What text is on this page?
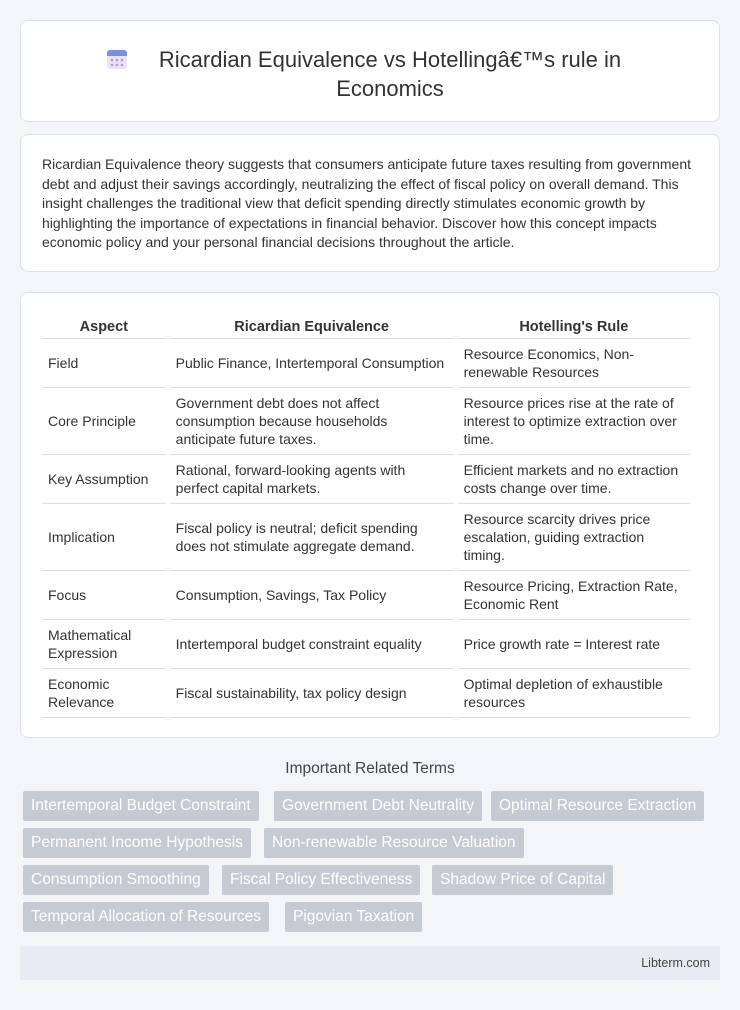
Ricardian Equivalence vs Hotellingâ€™s rule in Economics

Ricardian Equivalence theory suggests that consumers anticipate future taxes resulting from government debt and adjust their savings accordingly, neutralizing the effect of fiscal policy on overall demand. This insight challenges the traditional view that deficit spending directly stimulates economic growth by highlighting the importance of expectations in financial behavior. Discover how this concept impacts economic policy and your personal financial decisions throughout the article.

Aspect	Ricardian Equivalence	Hotelling's Rule
Field	Public Finance, Intertemporal Consumption	Resource Economics, Non-renewable Resources
Core Principle	Government debt does not affect consumption because households anticipate future taxes.	Resource prices rise at the rate of interest to optimize extraction over time.
Key Assumption	Rational, forward-looking agents with perfect capital markets.	Efficient markets and no extraction costs change over time.
Implication	Fiscal policy is neutral; deficit spending does not stimulate aggregate demand.	Resource scarcity drives price escalation, guiding extraction timing.
Focus	Consumption, Savings, Tax Policy	Resource Pricing, Extraction Rate, Economic Rent
Mathematical Expression	Intertemporal budget constraint equality	Price growth rate = Interest rate
Economic Relevance	Fiscal sustainability, tax policy design	Optimal depletion of exhaustible resources
Important Related Terms
Intertemporal Budget Constraint	Government Debt Neutrality	Optimal Resource Extraction
Permanent Income Hypothesis	Non-renewable Resource Valuation
Consumption Smoothing	Fiscal Policy Effectiveness	Shadow Price of Capital
Temporal Allocation of Resources	Pigovian Taxation
Libterm.com
